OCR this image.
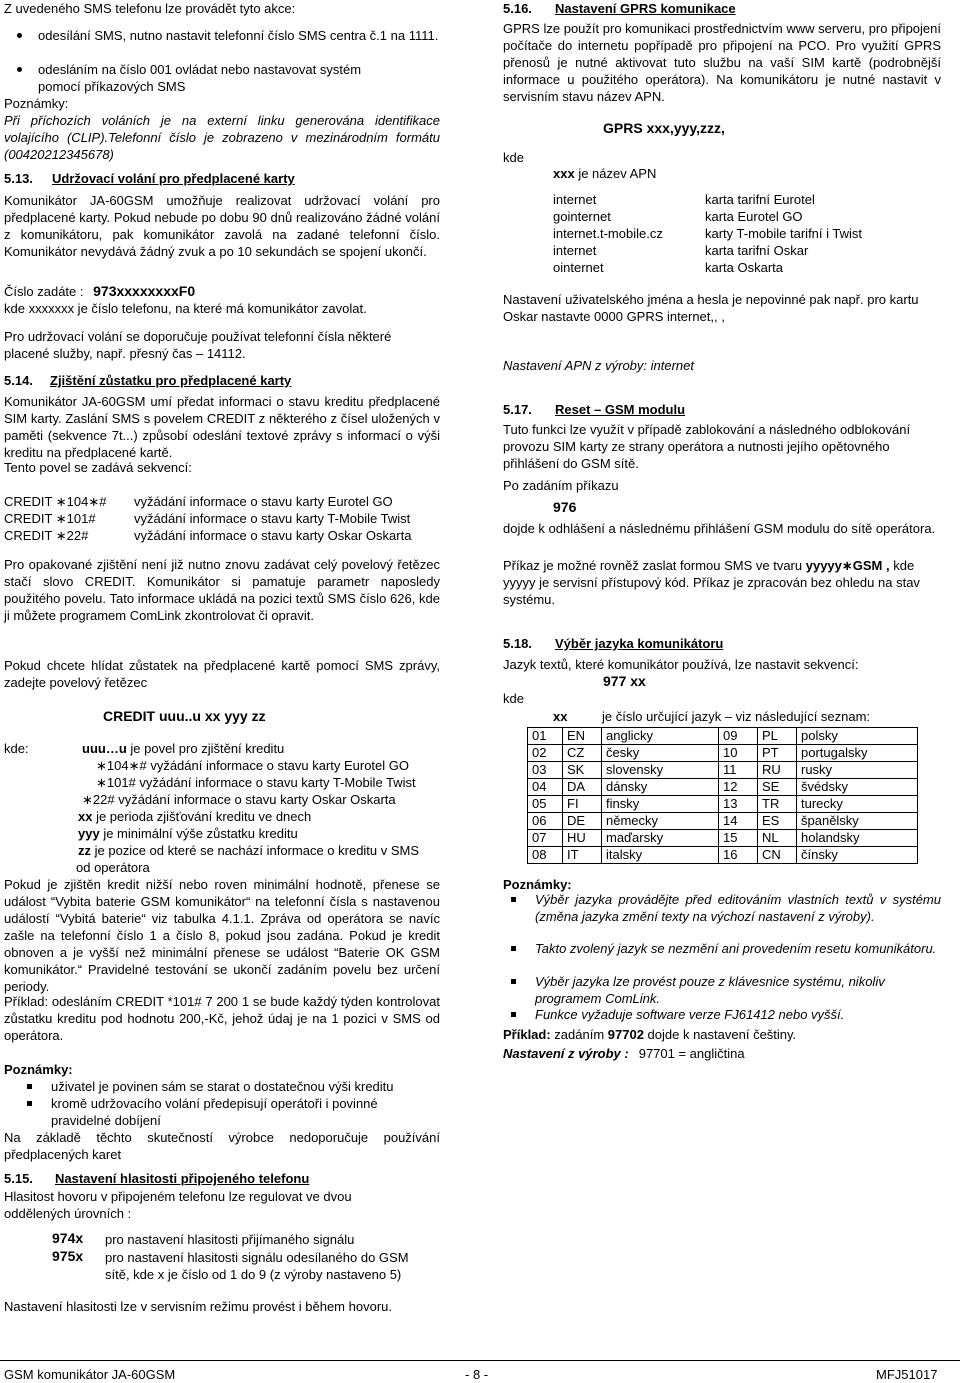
Z uvedeného SMS telefonu lze provádět tyto akce:

odesílání SMS, nutno nastavit telefonní číslo SMS centra č.1 na 1111.

odesláním na číslo 001 ovládat nebo nastavovat systém pomocí příkazových SMS

Poznámky:

Při příchozích voláních je na externí linku generována identifikace volajícího (CLIP).Telefonní číslo je zobrazeno v mezinárodním formátu (00420212345678)

5.13. Udržovací volání pro předplacené karty

Komunikátor JA-60GSM umožňuje realizovat udržovací volání pro předplacené karty. Pokud nebude po dobu 90 dnů realizováno žádné volání z komunikátoru, pak komunikátor zavolá na zadané telefonní číslo. Komunikátor nevydává žádný zvuk a po 10 sekundách se spojení ukončí.

Číslo zadáte : 973xxxxxxxxF0

kde xxxxxxx je číslo telefonu, na které má komunikátor zavolat.

Pro udržovací volání se doporučuje používat telefonní čísla některé placené služby, např. přesný čas – 14112.

5.14. Zjištění zůstatku pro předplacené karty

Komunikátor JA-60GSM umí předat informaci o stavu kreditu předplacené SIM karty. Zaslání SMS s povelem CREDIT z některého z čísel uložených v paměti (sekvence 7t...) způsobí odeslání textové zprávy s informací o výši kreditu na předplacené kartě.

Tento povel se zadává sekvencí:

CREDIT ∗104∗# vyžádání informace o stavu karty Eurotel GO

CREDIT ∗101#	vyžádání informace o stavu karty T-Mobile Twist

CREDIT ∗22#	vyžádání informace o stavu karty Oskar Oskarta

Pro opakované zjištění není již nutno znovu zadávat celý povelový řetězec stačí slovo CREDIT. Komunikátor si pamatuje parametr naposledy použitého povelu. Tato informace ukládá na pozici textů SMS číslo 626, kde ji můžete programem ComLink zkontrolovat či opravit.

Pokud chcete hlídat zůstatek na předplacené kartě pomocí SMS zprávy, zadejte povelový řetězec

CREDIT uuu..u xx yyy zz

kde:	uuu…u je povel pro zjištění kreditu

∗104∗# vyžádání informace o stavu karty Eurotel GO

∗101# vyžádání informace o stavu karty T-Mobile Twist

∗22# vyžádání informace o stavu karty Oskar Oskarta

xx je perioda zjišťování kreditu ve dnech

yyy je minimální výše zůstatku kreditu

zz je pozice od které se nachází informace o kreditu v SMS

od operátora

Pokud je zjištěn kredit nižší nebo roven minimální hodnotě, přenese se událost “Vybita baterie GSM komunikátor“ na telefonní čísla s nastavenou událostí “Vybitá baterie“ viz tabulka 4.1.1. Zpráva od operátora se navíc zašle na telefonní číslo 1 a číslo 8, pokud jsou zadána. Pokud je kredit obnoven a je vyšší než minimální přenese se událost “Baterie OK GSM komunikátor.“ Pravidelné testování se ukončí zadáním povelu bez určení periody.

Příklad: odesláním CREDIT *101# 7 200 1 se bude každý týden kontrolovat zůstatku kreditu pod hodnotu 200,-Kč, jehož údaj je na 1 pozici v SMS od operátora.

Poznámky:

uživatel je povinen sám se starat o dostatečnou výši kreditu

kromě udržovacího volání předepisují operátoři i povinné pravidelné dobíjení

Na základě těchto skutečností výrobce nedoporučuje používání předplacených karet

5.15. Nastavení hlasitosti připojeného telefonu

Hlasitost hovoru v připojeném telefonu lze regulovat ve dvou oddělených úrovních :

974x pro nastavení hlasitosti přijímaného signálu

975x pro nastavení hlasitosti signálu odesílaného do GSM

sítě, kde x je číslo od 1 do 9 (z výroby nastaveno 5)

Nastavení hlasitosti lze v servisním režimu provést i během hovoru.

5.16. Nastavení GPRS komunikace

GPRS lze použít pro komunikaci prostřednictvím www serveru, pro připojení počítače do internetu popřípadě pro připojení na PCO. Pro využití GPRS přenosů je nutné aktivovat tuto službu na vaší SIM kartě (podrobnější informace u použitého operátora). Na komunikátoru je nutné nastavit v servisním stavu název APN.

GPRS xxx,yyy,zzz,

kde

xxx je název APN

internet	karta tarifní Eurotel

gointernet	karta Eurotel GO

internet.t-mobile.cz	karty T-mobile tarifní i Twist

internet	karta tarifní Oskar

ointernet	karta Oskarta

Nastavení uživatelského jména a hesla je nepovinné pak např. pro kartu Oskar nastavte 0000 GPRS internet,, ,

Nastavení APN z výroby: internet

5.17. Reset – GSM modulu

Tuto funkci lze využít v případě zablokování a následného odblokování provozu SIM karty ze strany operátora a nutnosti jejího opětovného přihlášení do GSM sítě.

Po zadáním příkazu

976

dojde k odhlášení a následnému přihlášení GSM modulu do sítě operátora.

Příkaz je možné rovněž zaslat formou SMS ve tvaru yyyyy∗GSM , kde yyyyy je servisní přístupový kód. Příkaz je zpracován bez ohledu na stav systému.

5.18. Výběr jazyka komunikátoru

Jazyk textů, které komunikátor používá, lze nastavit sekvencí:

977 xx

kde

xx	je číslo určující jazyk – viz následující seznam:

01	EN	anglicky	09	PL	polsky
02	CZ	česky	10	PT	portugalsky
03	SK	slovensky	11	RU	rusky
04	DA	dánsky	12	SE	švédsky
05	FI	finsky	13	TR	turecky
06	DE	německy	14	ES	španělsky
07	HU	maďarsky	15	NL	holandsky
08	IT	italsky	16	CN	čínsky

Poznámky:

Výběr jazyka provádějte před editováním vlastních textů v systému (změna jazyka změní texty na výchozí nastavení z výroby).

Takto zvolený jazyk se nezmění ani provedením resetu komunikátoru.

Výběr jazyka lze provést pouze z klávesnice systému, nikoliv programem ComLink.

Funkce vyžaduje software verze FJ61412 nebo vyšší.

Příklad: zadáním 97702 dojde k nastavení češtiny.

Nastavení z výroby : 97701 = angličtina

GSM komunikátor JA-60GSM	- 8 -	MFJ51017
